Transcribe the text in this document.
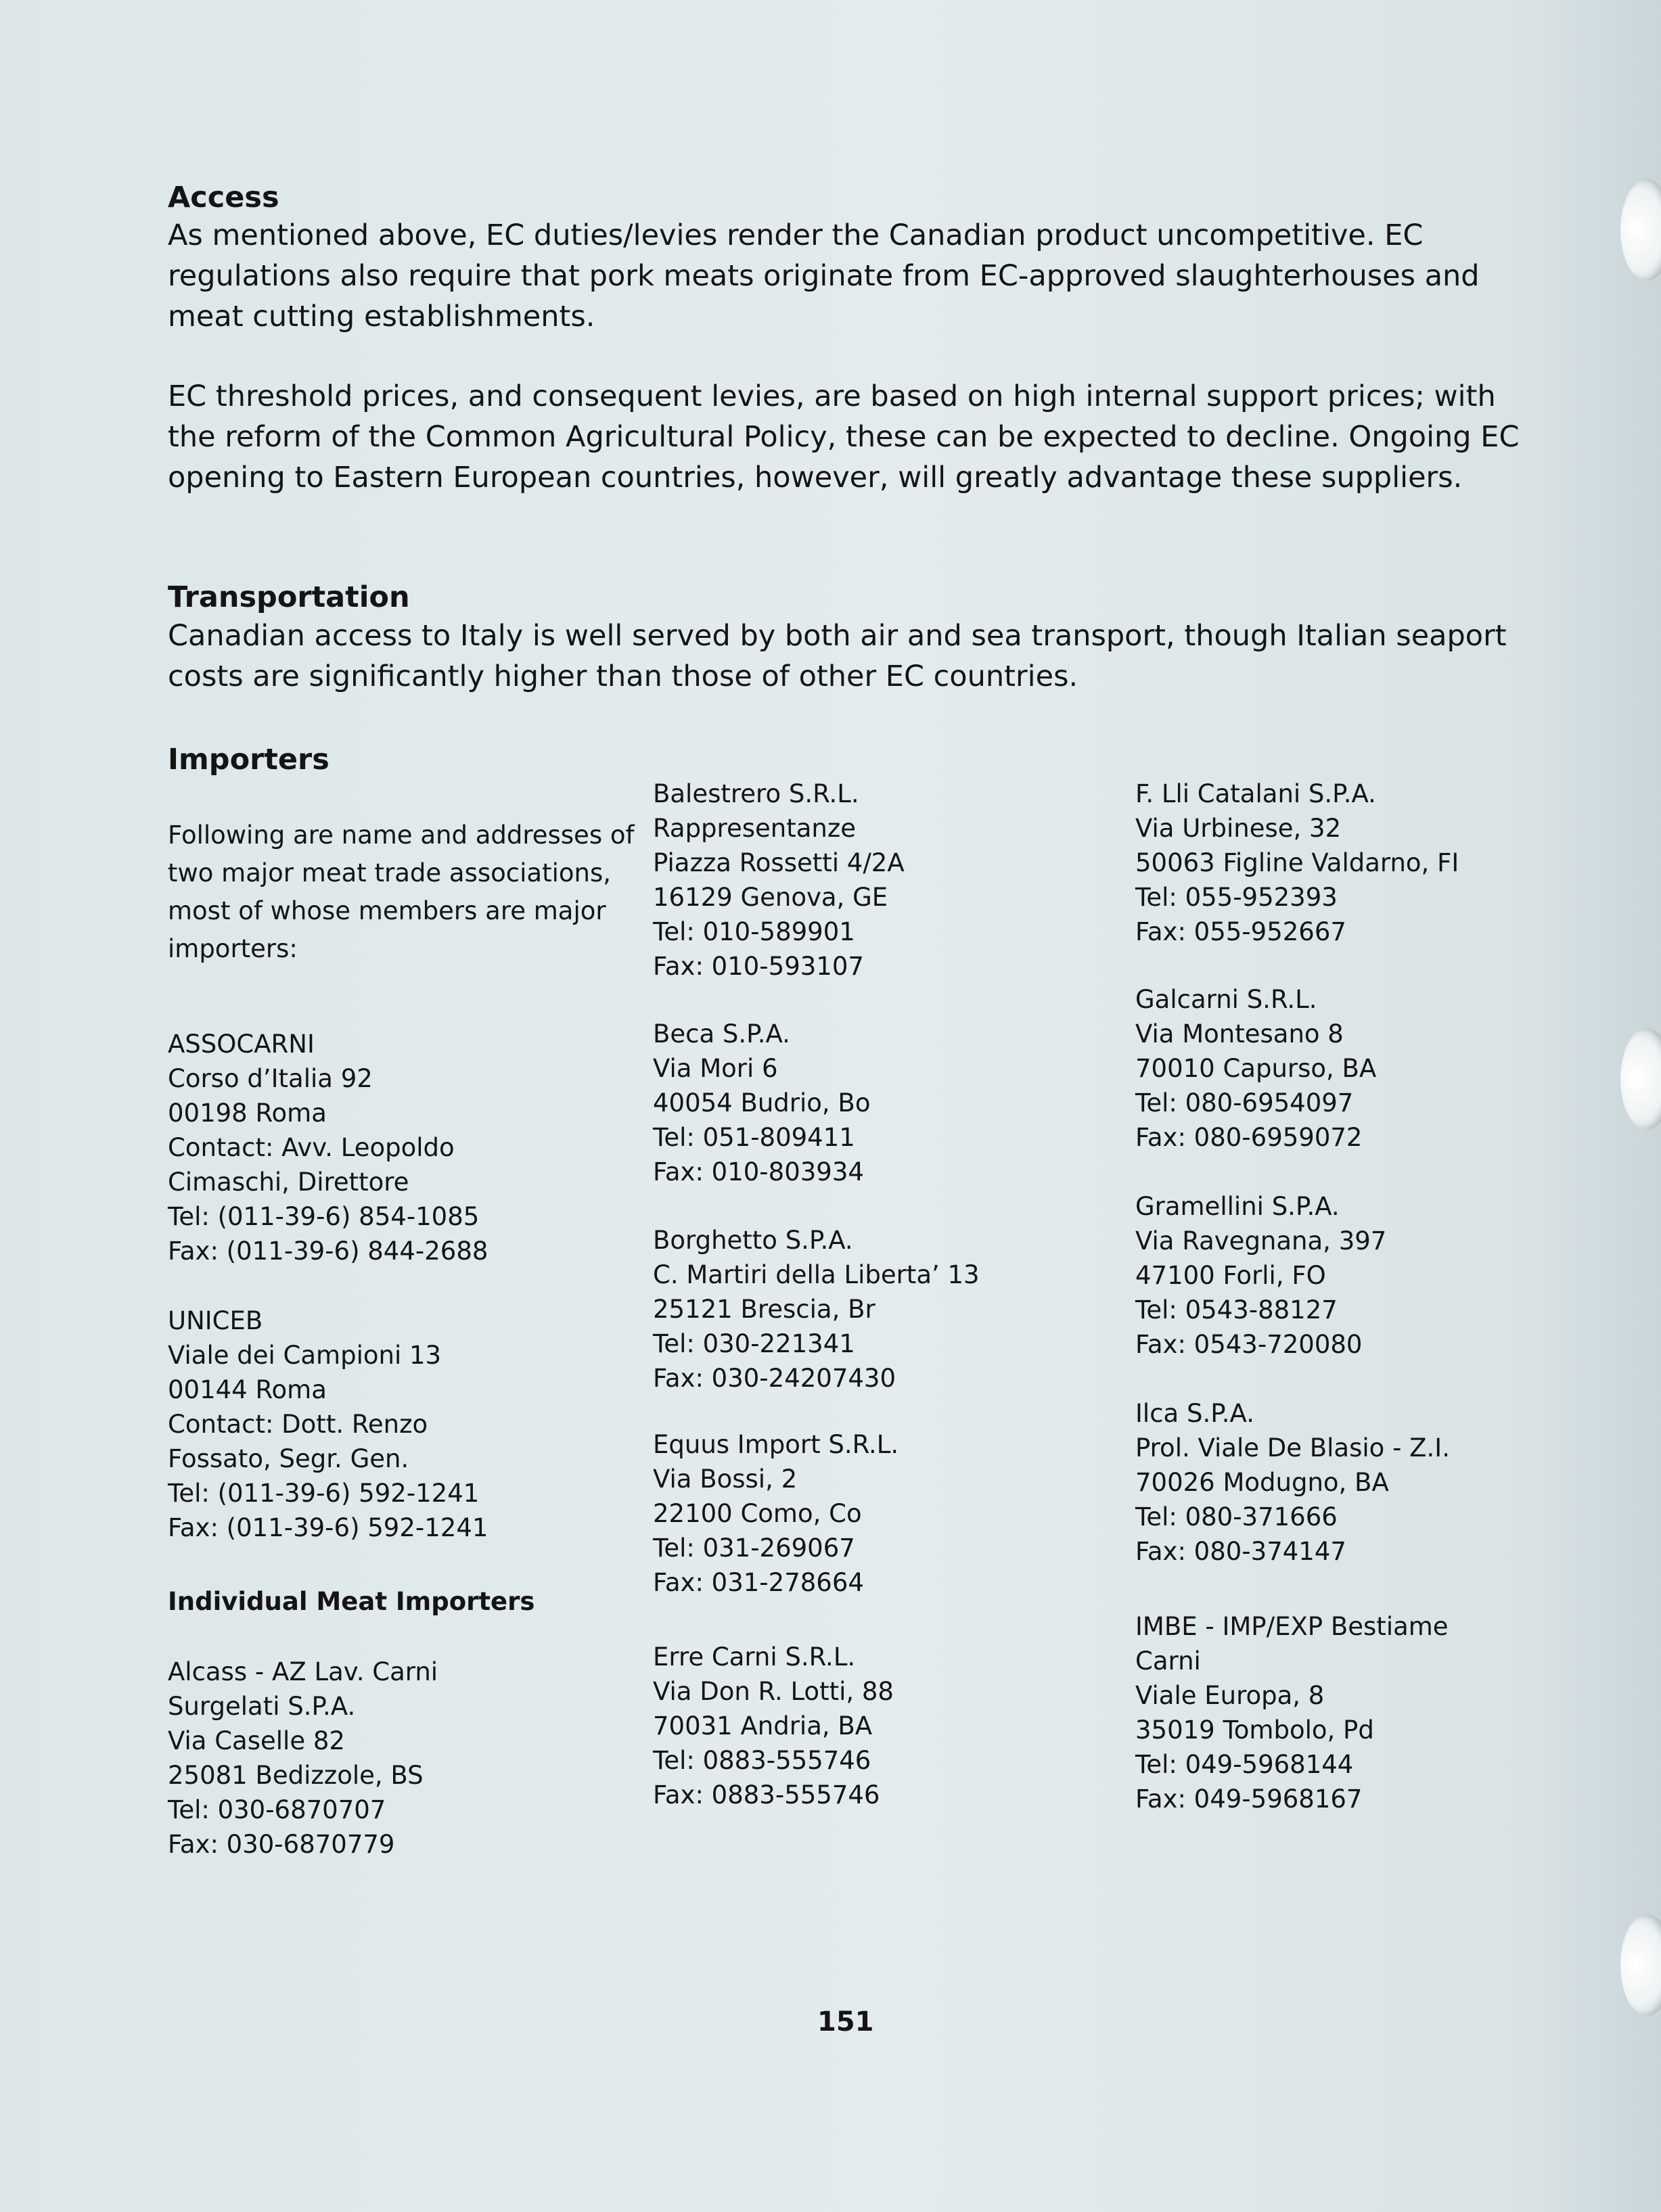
Access

As mentioned above, EC duties/levies render the Canadian product uncompetitive. EC regulations also require that pork meats originate from EC-approved slaughterhouses and meat cutting establishments.

EC threshold prices, and consequent levies, are based on high internal support prices; with the reform of the Common Agricultural Policy, these can be expected to decline. Ongoing EC opening to Eastern European countries, however, will greatly advantage these suppliers.

Transportation

Canadian access to Italy is well served by both air and sea transport, though Italian seaport costs are significantly higher than those of other EC countries.

Importers

Following are name and addresses of two major meat trade associations, most of whose members are major importers:

ASSOCARNI
Corso d’Italia 92
00198 Roma
Contact: Avv. Leopoldo
Cimaschi, Direttore
Tel: (011-39-6) 854-1085
Fax: (011-39-6) 844-2688
UNICEB
Viale dei Campioni 13
00144 Roma
Contact: Dott. Renzo
Fossato, Segr. Gen.
Tel: (011-39-6) 592-1241
Fax: (011-39-6) 592-1241
Individual Meat Importers
Alcass - AZ Lav. Carni
Surgelati S.P.A.
Via Caselle 82
25081 Bedizzole, BS
Tel: 030-6870707
Fax: 030-6870779
Balestrero S.R.L.
Rappresentanze
Piazza Rossetti 4/2A
16129 Genova, GE
Tel: 010-589901
Fax: 010-593107
Beca S.P.A.
Via Mori 6
40054 Budrio, Bo
Tel: 051-809411
Fax: 010-803934
Borghetto S.P.A.
C. Martiri della Liberta’ 13
25121 Brescia, Br
Tel: 030-221341
Fax: 030-24207430
Equus Import S.R.L.
Via Bossi, 2
22100 Como, Co
Tel: 031-269067
Fax: 031-278664
Erre Carni S.R.L.
Via Don R. Lotti, 88
70031 Andria, BA
Tel: 0883-555746
Fax: 0883-555746
F. Lli Catalani S.P.A.
Via Urbinese, 32
50063 Figline Valdarno, FI
Tel: 055-952393
Fax: 055-952667
Galcarni S.R.L.
Via Montesano 8
70010 Capurso, BA
Tel: 080-6954097
Fax: 080-6959072
Gramellini S.P.A.
Via Ravegnana, 397
47100 Forli, FO
Tel: 0543-88127
Fax: 0543-720080
Ilca S.P.A.
Prol. Viale De Blasio - Z.I.
70026 Modugno, BA
Tel: 080-371666
Fax: 080-374147
IMBE - IMP/EXP Bestiame
Carni
Viale Europa, 8
35019 Tombolo, Pd
Tel: 049-5968144
Fax: 049-5968167

151
